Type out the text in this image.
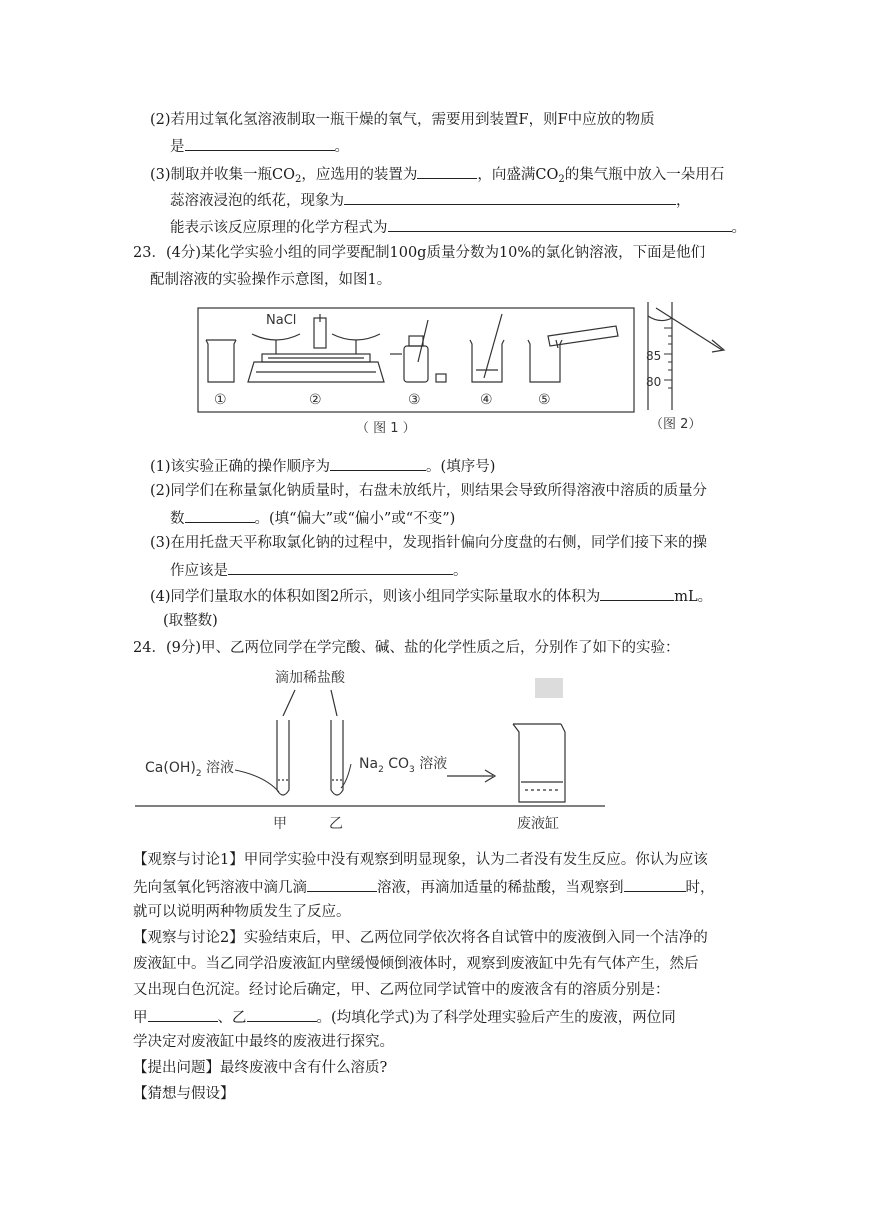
(2)若用过氧化氢溶液制取一瓶干燥的氧气，需要用到装置F，则F中应放的物质
是	。
(3)制取并收集一瓶$CO_2$，应选用的装置为	，向盛满$CO_2$的集气瓶中放入一朵用石
蕊溶液浸泡的纸花，现象为	，
能表示该反应原理的化学方程式为	。
23．(4分)某化学实验小组的同学要配制100g质量分数为10%的氯化钠溶液，下面是他们
配制溶液的实验操作示意图，如图1。
NaCl
①	②	③	④	⑤
（ 图 1 ）
85
80
（图 2）
(1)该实验正确的操作顺序为	。(填序号)
(2)同学们在称量氯化钠质量时，右盘未放纸片，则结果会导致所得溶液中溶质的质量分
数	。(填“偏大”或“偏小”或“不变”)
(3)在用托盘天平称取氯化钠的过程中，发现指针偏向分度盘的右侧，同学们接下来的操
作应该是	。
(4)同学们量取水的体积如图2所示，则该小组同学实际量取水的体积为	mL。
(取整数)
24．(9分)甲、乙两位同学在学完酸、碱、盐的化学性质之后，分别作了如下的实验：
滴加稀盐酸
$Ca(OH)_2$ 溶液	$Na_2$ $CO_3$ 溶液
甲	乙	废液缸
【观察与讨论1】甲同学实验中没有观察到明显现象，认为二者没有发生反应。你认为应该
先向氢氧化钙溶液中滴几滴	溶液，再滴加适量的稀盐酸，当观察到	时，
就可以说明两种物质发生了反应。
【观察与讨论2】实验结束后，甲、乙两位同学依次将各自试管中的废液倒入同一个洁净的
废液缸中。当乙同学沿废液缸内壁缓慢倾倒液体时，观察到废液缸中先有气体产生，然后
又出现白色沉淀。经讨论后确定，甲、乙两位同学试管中的废液含有的溶质分别是：
甲	、乙	。(均填化学式)为了科学处理实验后产生的废液，两位同
学决定对废液缸中最终的废液进行探究。
【提出问题】最终废液中含有什么溶质?
【猜想与假设】
